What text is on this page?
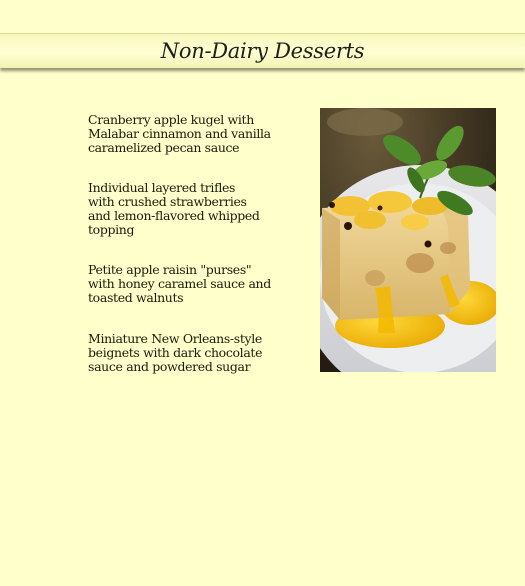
Non-Dairy Desserts
Cranberry apple kugel with
Malabar cinnamon and vanilla
caramelized pecan sauce
Individual layered trifles
with crushed strawberries
and lemon-flavored whipped
topping
Petite apple raisin "purses"
with honey caramel sauce and
toasted walnuts
Miniature New Orleans-style
beignets with dark chocolate
sauce and powdered sugar
